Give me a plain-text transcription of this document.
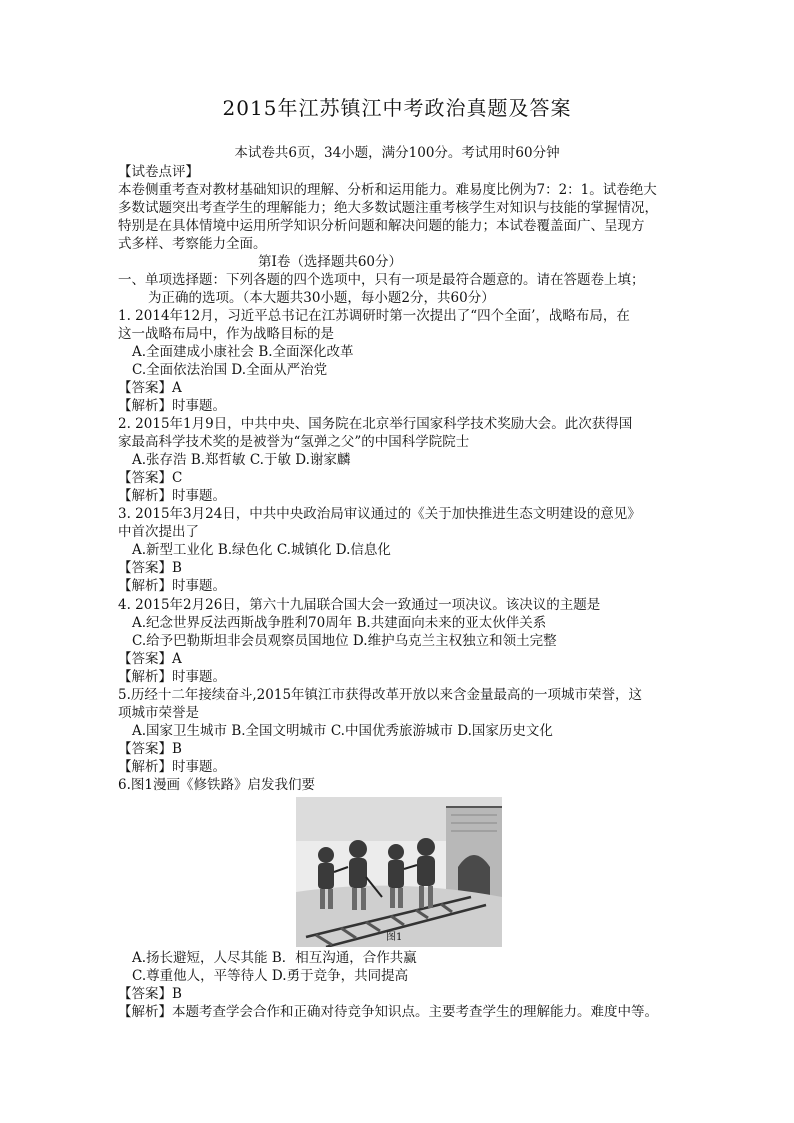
2015年江苏镇江中考政治真题及答案
本试卷共6页，34小题，满分100分。考试用时60分钟
【试卷点评】
本卷侧重考查对教材基础知识的理解、分析和运用能力。难易度比例为7：2：1。试卷绝大
多数试题突出考查学生的理解能力；绝大多数试题注重考核学生对知识与技能的掌握情况，
特别是在具体情境中运用所学知识分析问题和解决问题的能力；本试卷覆盖面广、呈现方
式多样、考察能力全面。
第Ⅰ卷（选择题共60分）
一、单项选择题：下列各题的四个选项中，只有一项是最符合题意的。请在答题卷上填；
为正确的选项。（本大题共30小题，每小题2分，共60分）
1. 2014年12月，习近平总书记在江苏调研时第一次提出了“四个全面’，战略布局，在
这一战略布局中，作为战略目标的是
A.全面建成小康社会 B.全面深化改革
C.全面依法治国 D.全面从严治党
【答案】A
【解析】时事题。
2. 2015年1月9日，中共中央、国务院在北京举行国家科学技术奖励大会。此次获得国
家最高科学技术奖的是被誉为“氢弹之父”的中国科学院院士
A.张存浩 B.郑哲敏 C.于敏 D.谢家麟
【答案】C
【解析】时事题。
3. 2015年3月24日，中共中央政治局审议通过的《关于加快推进生态文明建设的意见》
中首次提出了
A.新型工业化 B.绿色化 C.城镇化 D.信息化
【答案】B
【解析】时事题。
4. 2015年2月26日，第六十九届联合国大会一致通过一项决议。该决议的主题是
A.纪念世界反法西斯战争胜利70周年 B.共建面向未来的亚太伙伴关系
C.给予巴勒斯坦非会员观察员国地位 D.维护乌克兰主权独立和领土完整
【答案】A
【解析】时事题。
5.历经十二年接续奋斗,2015年镇江市获得改革开放以来含金量最高的一项城市荣誉，这
项城市荣誉是
A.国家卫生城市 B.全国文明城市 C.中国优秀旅游城市 D.国家历史文化
【答案】B
【解析】时事题。
6.图1漫画《修铁路》启发我们要
图1
A.扬长避短，人尽其能 B．相互沟通，合作共赢
C.尊重他人，平等待人 D.勇于竞争，共同提高
【答案】B
【解析】本题考查学会合作和正确对待竞争知识点。主要考查学生的理解能力。难度中等。
